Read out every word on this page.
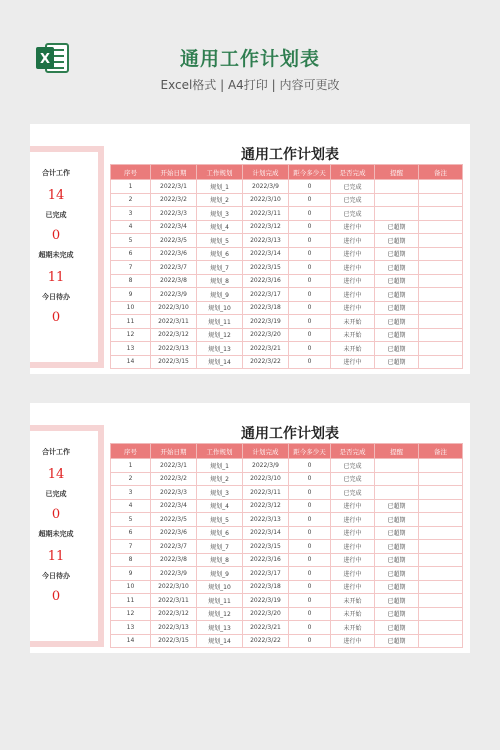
X	通用工作计划表
Excel格式 | A4打印 | 内容可更改
合计工作
14
已完成
0
超期未完成
11
今日待办
0
通用工作计划表
序号	开始日期	工作规划	计划完成	距今多少天	是否完成	提醒	备注
1	2022/3/1	规划_1	2022/3/9	0	已完成		
2	2022/3/2	规划_2	2022/3/10	0	已完成		
3	2022/3/3	规划_3	2022/3/11	0	已完成		
4	2022/3/4	规划_4	2022/3/12	0	进行中	已超期	
5	2022/3/5	规划_5	2022/3/13	0	进行中	已超期	
6	2022/3/6	规划_6	2022/3/14	0	进行中	已超期	
7	2022/3/7	规划_7	2022/3/15	0	进行中	已超期	
8	2022/3/8	规划_8	2022/3/16	0	进行中	已超期	
9	2022/3/9	规划_9	2022/3/17	0	进行中	已超期	
10	2022/3/10	规划_10	2022/3/18	0	进行中	已超期	
11	2022/3/11	规划_11	2022/3/19	0	未开始	已超期	
12	2022/3/12	规划_12	2022/3/20	0	未开始	已超期	
13	2022/3/13	规划_13	2022/3/21	0	未开始	已超期	
14	2022/3/15	规划_14	2022/3/22	0	进行中	已超期	
合计工作
14
已完成
0
超期未完成
11
今日待办
0
通用工作计划表
序号	开始日期	工作规划	计划完成	距今多少天	是否完成	提醒	备注
1	2022/3/1	规划_1	2022/3/9	0	已完成		
2	2022/3/2	规划_2	2022/3/10	0	已完成		
3	2022/3/3	规划_3	2022/3/11	0	已完成		
4	2022/3/4	规划_4	2022/3/12	0	进行中	已超期	
5	2022/3/5	规划_5	2022/3/13	0	进行中	已超期	
6	2022/3/6	规划_6	2022/3/14	0	进行中	已超期	
7	2022/3/7	规划_7	2022/3/15	0	进行中	已超期	
8	2022/3/8	规划_8	2022/3/16	0	进行中	已超期	
9	2022/3/9	规划_9	2022/3/17	0	进行中	已超期	
10	2022/3/10	规划_10	2022/3/18	0	进行中	已超期	
11	2022/3/11	规划_11	2022/3/19	0	未开始	已超期	
12	2022/3/12	规划_12	2022/3/20	0	未开始	已超期	
13	2022/3/13	规划_13	2022/3/21	0	未开始	已超期	
14	2022/3/15	规划_14	2022/3/22	0	进行中	已超期	
